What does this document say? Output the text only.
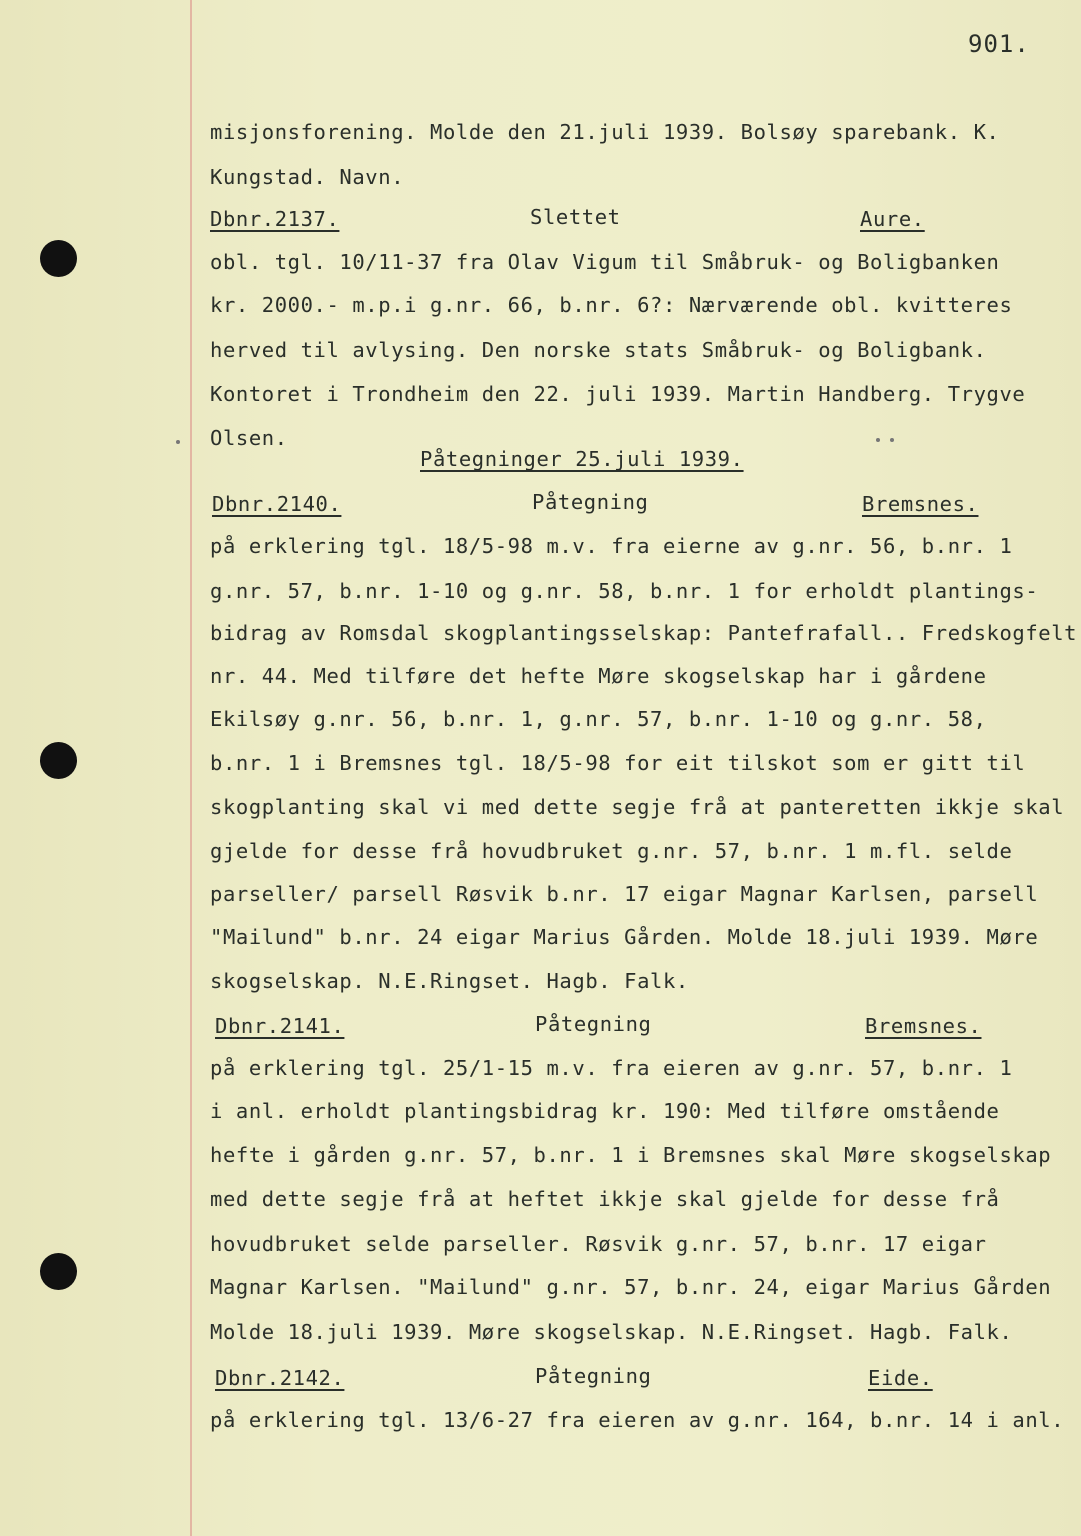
901.
misjonsforening. Molde den 21.juli 1939. Bolsøy sparebank. K.
Kungstad. Navn.
Dbnr.2137.	Slettet	Aure.
obl. tgl. 10/11-37 fra Olav Vigum til Småbruk- og Boligbanken
kr. 2000.- m.p.i g.nr. 66, b.nr. 6?: Nærværende obl. kvitteres
herved til avlysing. Den norske stats Småbruk- og Boligbank.
Kontoret i Trondheim den 22. juli 1939. Martin Handberg. Trygve
Olsen.
Påtegninger 25.juli 1939.
Dbnr.2140.	Påtegning	Bremsnes.
på erklering tgl. 18/5-98 m.v. fra eierne av g.nr. 56, b.nr. 1
g.nr. 57, b.nr. 1-10 og g.nr. 58, b.nr. 1 for erholdt plantings-
bidrag av Romsdal skogplantingsselskap: Pantefrafall.. Fredskogfelt
nr. 44. Med tilføre det hefte Møre skogselskap har i gårdene
Ekilsøy g.nr. 56, b.nr. 1, g.nr. 57, b.nr. 1-10 og g.nr. 58,
b.nr. 1 i Bremsnes tgl. 18/5-98 for eit tilskot som er gitt til
skogplanting skal vi med dette segje frå at panteretten ikkje skal
gjelde for desse frå hovudbruket g.nr. 57, b.nr. 1 m.fl. selde
parseller/ parsell Røsvik b.nr. 17 eigar Magnar Karlsen, parsell
"Mailund" b.nr. 24 eigar Marius Gården. Molde 18.juli 1939. Møre
skogselskap. N.E.Ringset. Hagb. Falk.
Dbnr.2141.	Påtegning	Bremsnes.
på erklering tgl. 25/1-15 m.v. fra eieren av g.nr. 57, b.nr. 1
i anl. erholdt plantingsbidrag kr. 190: Med tilføre omstående
hefte i gården g.nr. 57, b.nr. 1 i Bremsnes skal Møre skogselskap
med dette segje frå at heftet ikkje skal gjelde for desse frå
hovudbruket selde parseller. Røsvik g.nr. 57, b.nr. 17 eigar
Magnar Karlsen. "Mailund" g.nr. 57, b.nr. 24, eigar Marius Gården
Molde 18.juli 1939. Møre skogselskap. N.E.Ringset. Hagb. Falk.
Dbnr.2142.	Påtegning	Eide.
på erklering tgl. 13/6-27 fra eieren av g.nr. 164, b.nr. 14 i anl.
